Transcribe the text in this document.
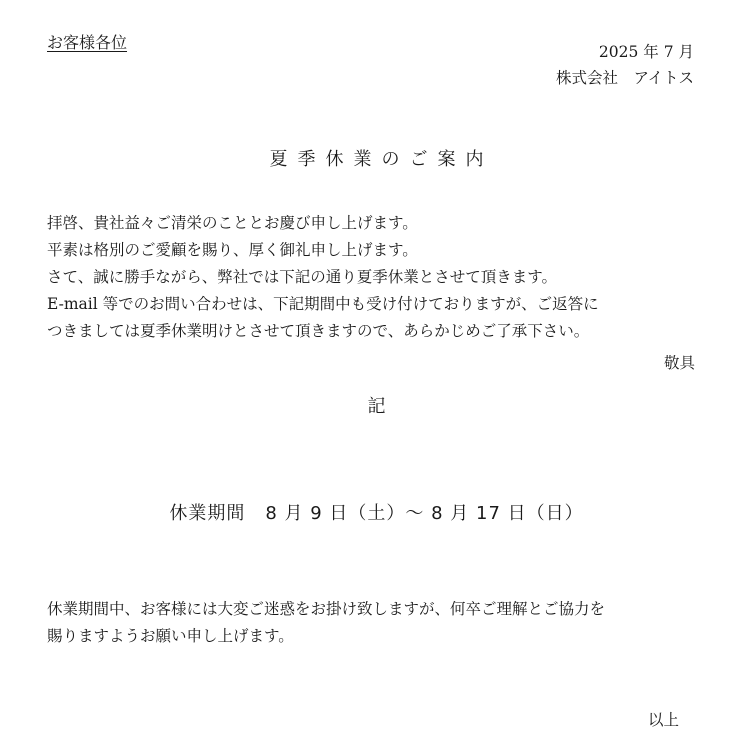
お客様各位	2025 年 7 月
株式会社　アイトス
夏季休業のご案内
拝啓、貴社益々ご清栄のこととお慶び申し上げます。
平素は格別のご愛顧を賜り、厚く御礼申し上げます。
さて、誠に勝手ながら、弊社では下記の通り夏季休業とさせて頂きます。
E-mail 等でのお問い合わせは、下記期間中も受け付けておりますが、ご返答に
つきましては夏季休業明けとさせて頂きますので、あらかじめご了承下さい。
敬具
記
休業期間 8 月 9 日（土）～ 8 月 17 日（日）
休業期間中、お客様には大変ご迷惑をお掛け致しますが、何卒ご理解とご協力を
賜りますようお願い申し上げます。
以上
